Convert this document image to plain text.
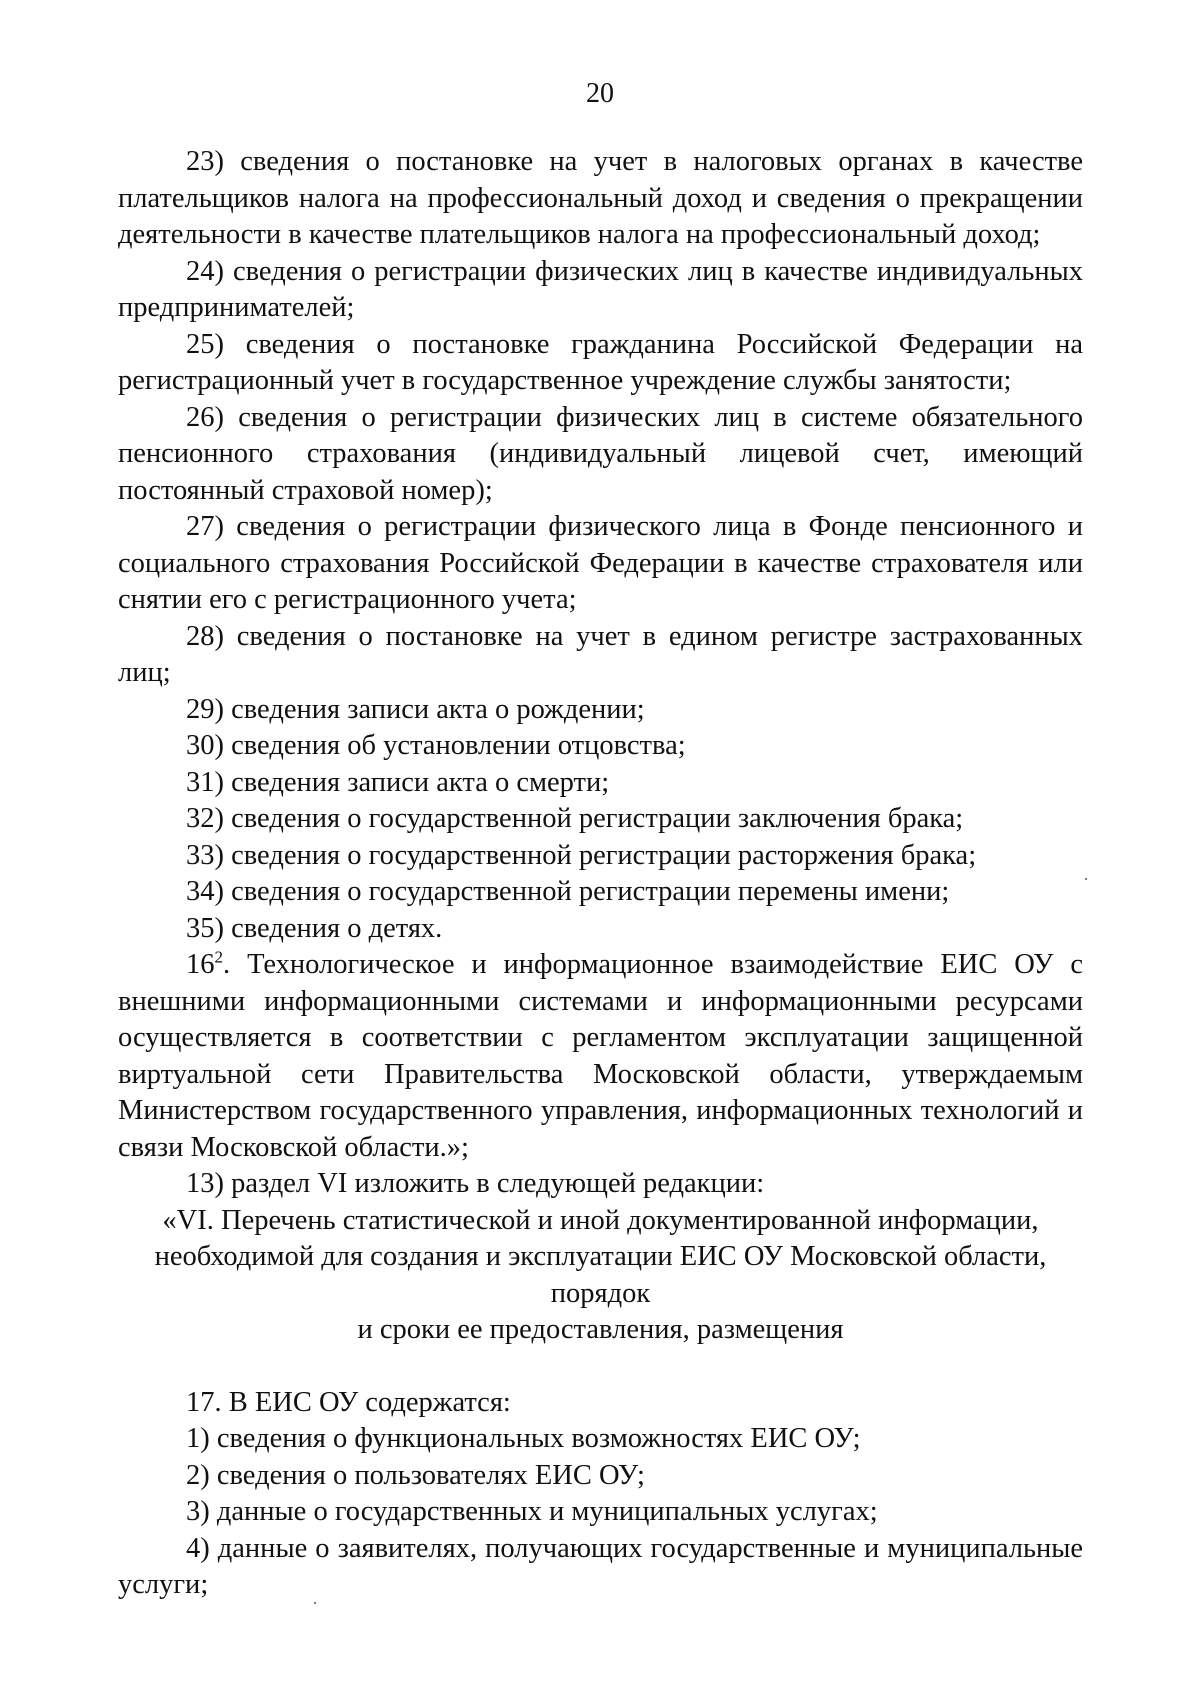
20

23) сведения о постановке на учет в налоговых органах в качестве плательщиков налога на профессиональный доход и сведения о прекращении деятельности в качестве плательщиков налога на профессиональный доход;

24) сведения о регистрации физических лиц в качестве индивидуальных предпринимателей;

25) сведения о постановке гражданина Российской Федерации на регистрационный учет в государственное учреждение службы занятости;

26) сведения о регистрации физических лиц в системе обязательного пенсионного страхования (индивидуальный лицевой счет, имеющий постоянный страховой номер);

27) сведения о регистрации физического лица в Фонде пенсионного и социального страхования Российской Федерации в качестве страхователя или снятии его с регистрационного учета;

28) сведения о постановке на учет в едином регистре застрахованных лиц;

29) сведения записи акта о рождении;

30) сведения об установлении отцовства;

31) сведения записи акта о смерти;

32) сведения о государственной регистрации заключения брака;

33) сведения о государственной регистрации расторжения брака;

34) сведения о государственной регистрации перемены имени;

35) сведения о детях.

$16^2$. Технологическое и информационное взаимодействие ЕИС ОУ с внешними информационными системами и информационными ресурсами осуществляется в соответствии с регламентом эксплуатации защищенной виртуальной сети Правительства Московской области, утверждаемым Министерством государственного управления, информационных технологий и связи Московской области.»;

13) раздел VI изложить в следующей редакции:

«VI. Перечень статистической и иной документированной информации,
необходимой для создания и эксплуатации ЕИС ОУ Московской области, порядок
и сроки ее предоставления, размещения

17. В ЕИС ОУ содержатся:

1) сведения о функциональных возможностях ЕИС ОУ;

2) сведения о пользователях ЕИС ОУ;

3) данные о государственных и муниципальных услугах;

4) данные о заявителях, получающих государственные и муниципальные услуги;
